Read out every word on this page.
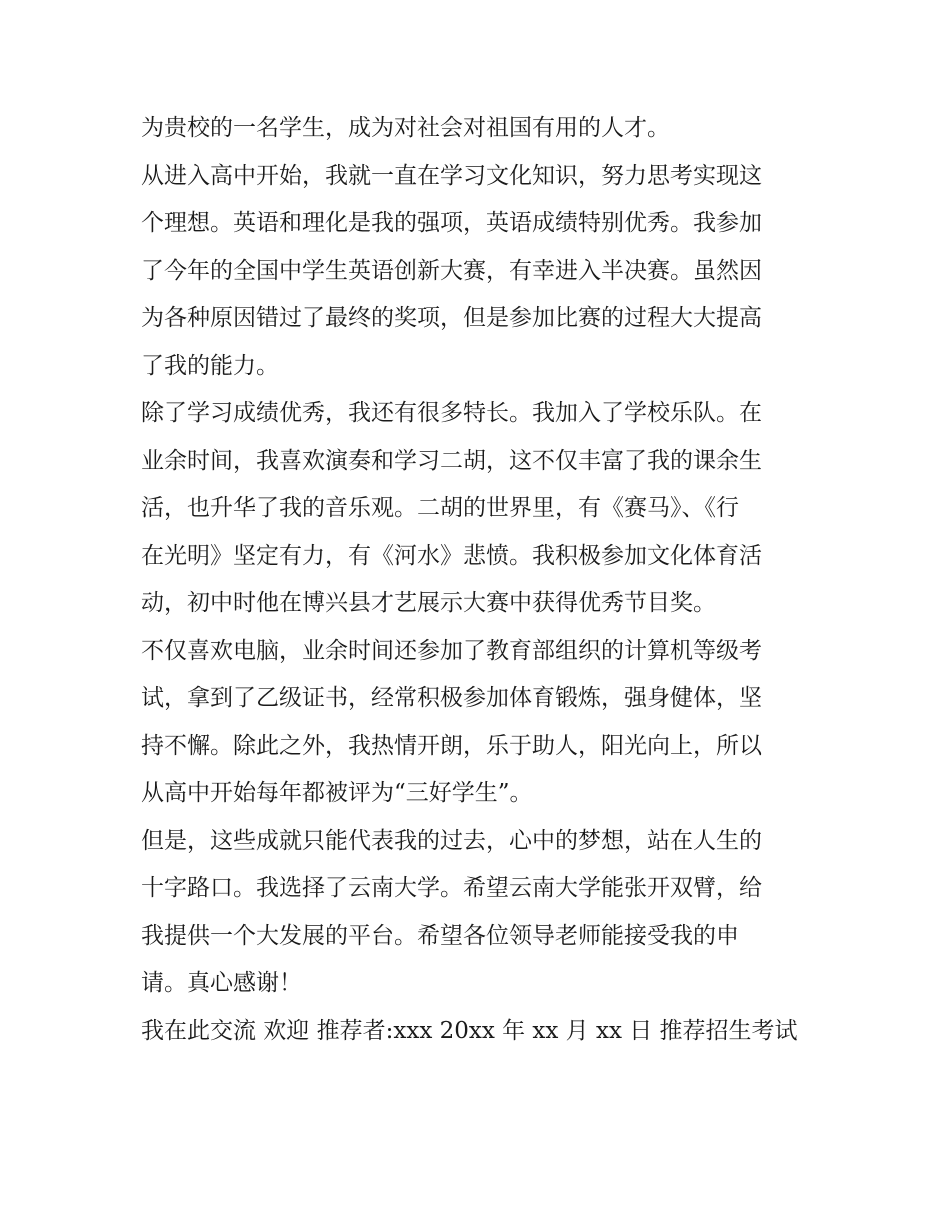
为贵校的一名学生，成为对社会对祖国有用的人才。
从进入高中开始，我就一直在学习文化知识，努力思考实现这
个理想。英语和理化是我的强项，英语成绩特别优秀。我参加
了今年的全国中学生英语创新大赛，有幸进入半决赛。虽然因
为各种原因错过了最终的奖项，但是参加比赛的过程大大提高
了我的能力。
除了学习成绩优秀，我还有很多特长。我加入了学校乐队。在
业余时间，我喜欢演奏和学习二胡，这不仅丰富了我的课余生
活，也升华了我的音乐观。二胡的世界里，有《赛马》、《行
在光明》坚定有力，有《河水》悲愤。我积极参加文化体育活
动，初中时他在博兴县才艺展示大赛中获得优秀节目奖。
不仅喜欢电脑，业余时间还参加了教育部组织的计算机等级考
试，拿到了乙级证书，经常积极参加体育锻炼，强身健体，坚
持不懈。除此之外，我热情开朗，乐于助人，阳光向上，所以
从高中开始每年都被评为“三好学生”。
但是，这些成就只能代表我的过去，心中的梦想，站在人生的
十字路口。我选择了云南大学。希望云南大学能张开双臂，给
我提供一个大发展的平台。希望各位领导老师能接受我的申
请。真心感谢！
我在此交流 欢迎 推荐者:xxx 20xx 年 xx 月 xx 日 推荐招生考试
